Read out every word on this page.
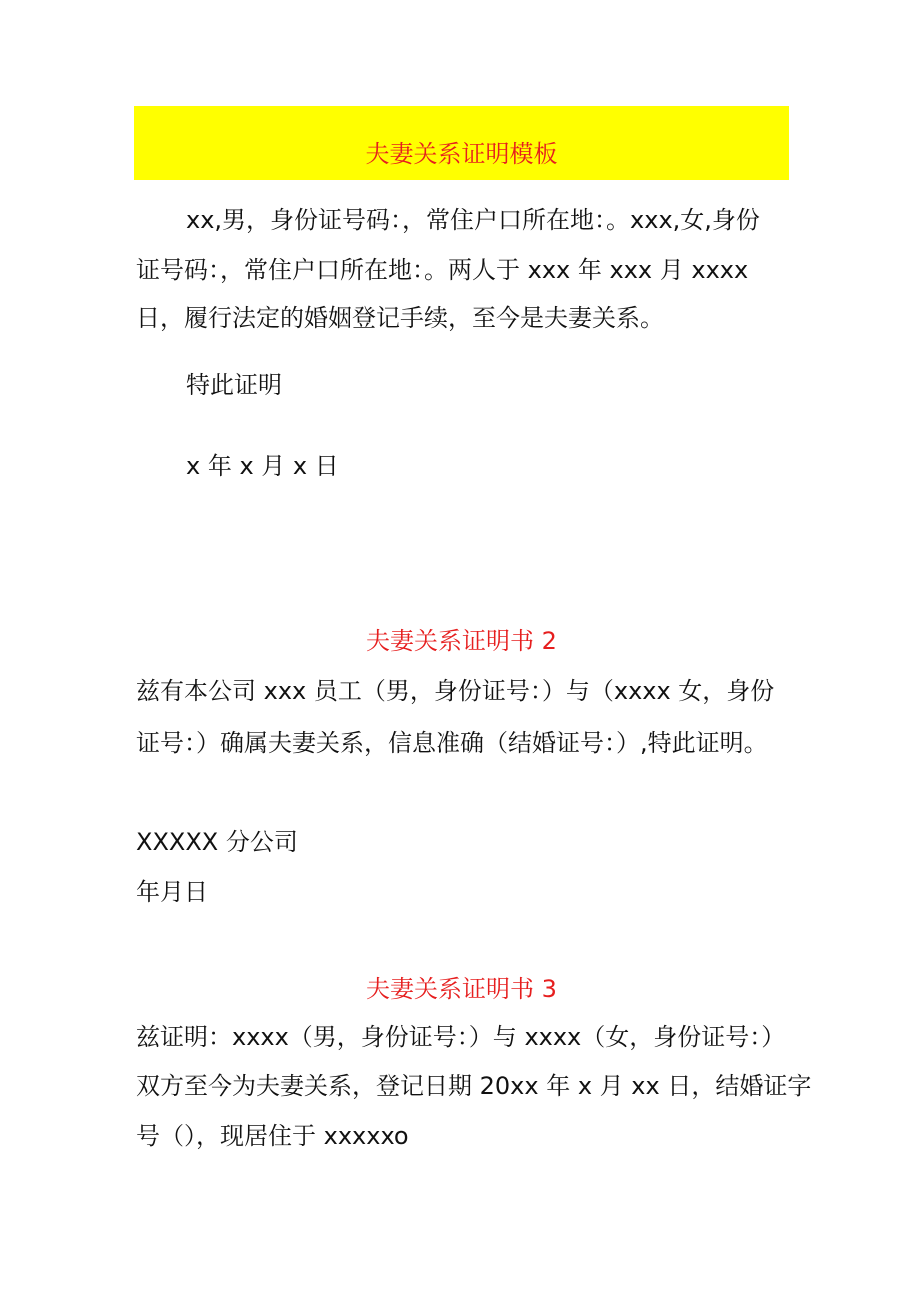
夫妻关系证明模板
xx,男，身份证号码：，常住户口所在地：。xxx,女,身份
证号码：，常住户口所在地：。两人于 xxx 年 xxx 月 xxxx
日，履行法定的婚姻登记手续，至今是夫妻关系。
特此证明
x 年 x 月 x 日
夫妻关系证明书 2
兹有本公司 xxx 员工（男，身份证号：）与（xxxx 女，身份
证号：）确属夫妻关系，信息准确（结婚证号：）,特此证明。
XXXXX 分公司
年月日
夫妻关系证明书 3
兹证明：xxxx（男，身份证号：）与 xxxx（女，身份证号：）
双方至今为夫妻关系，登记日期 20xx 年 x 月 xx 日，结婚证字
号（），现居住于 xxxxxo
